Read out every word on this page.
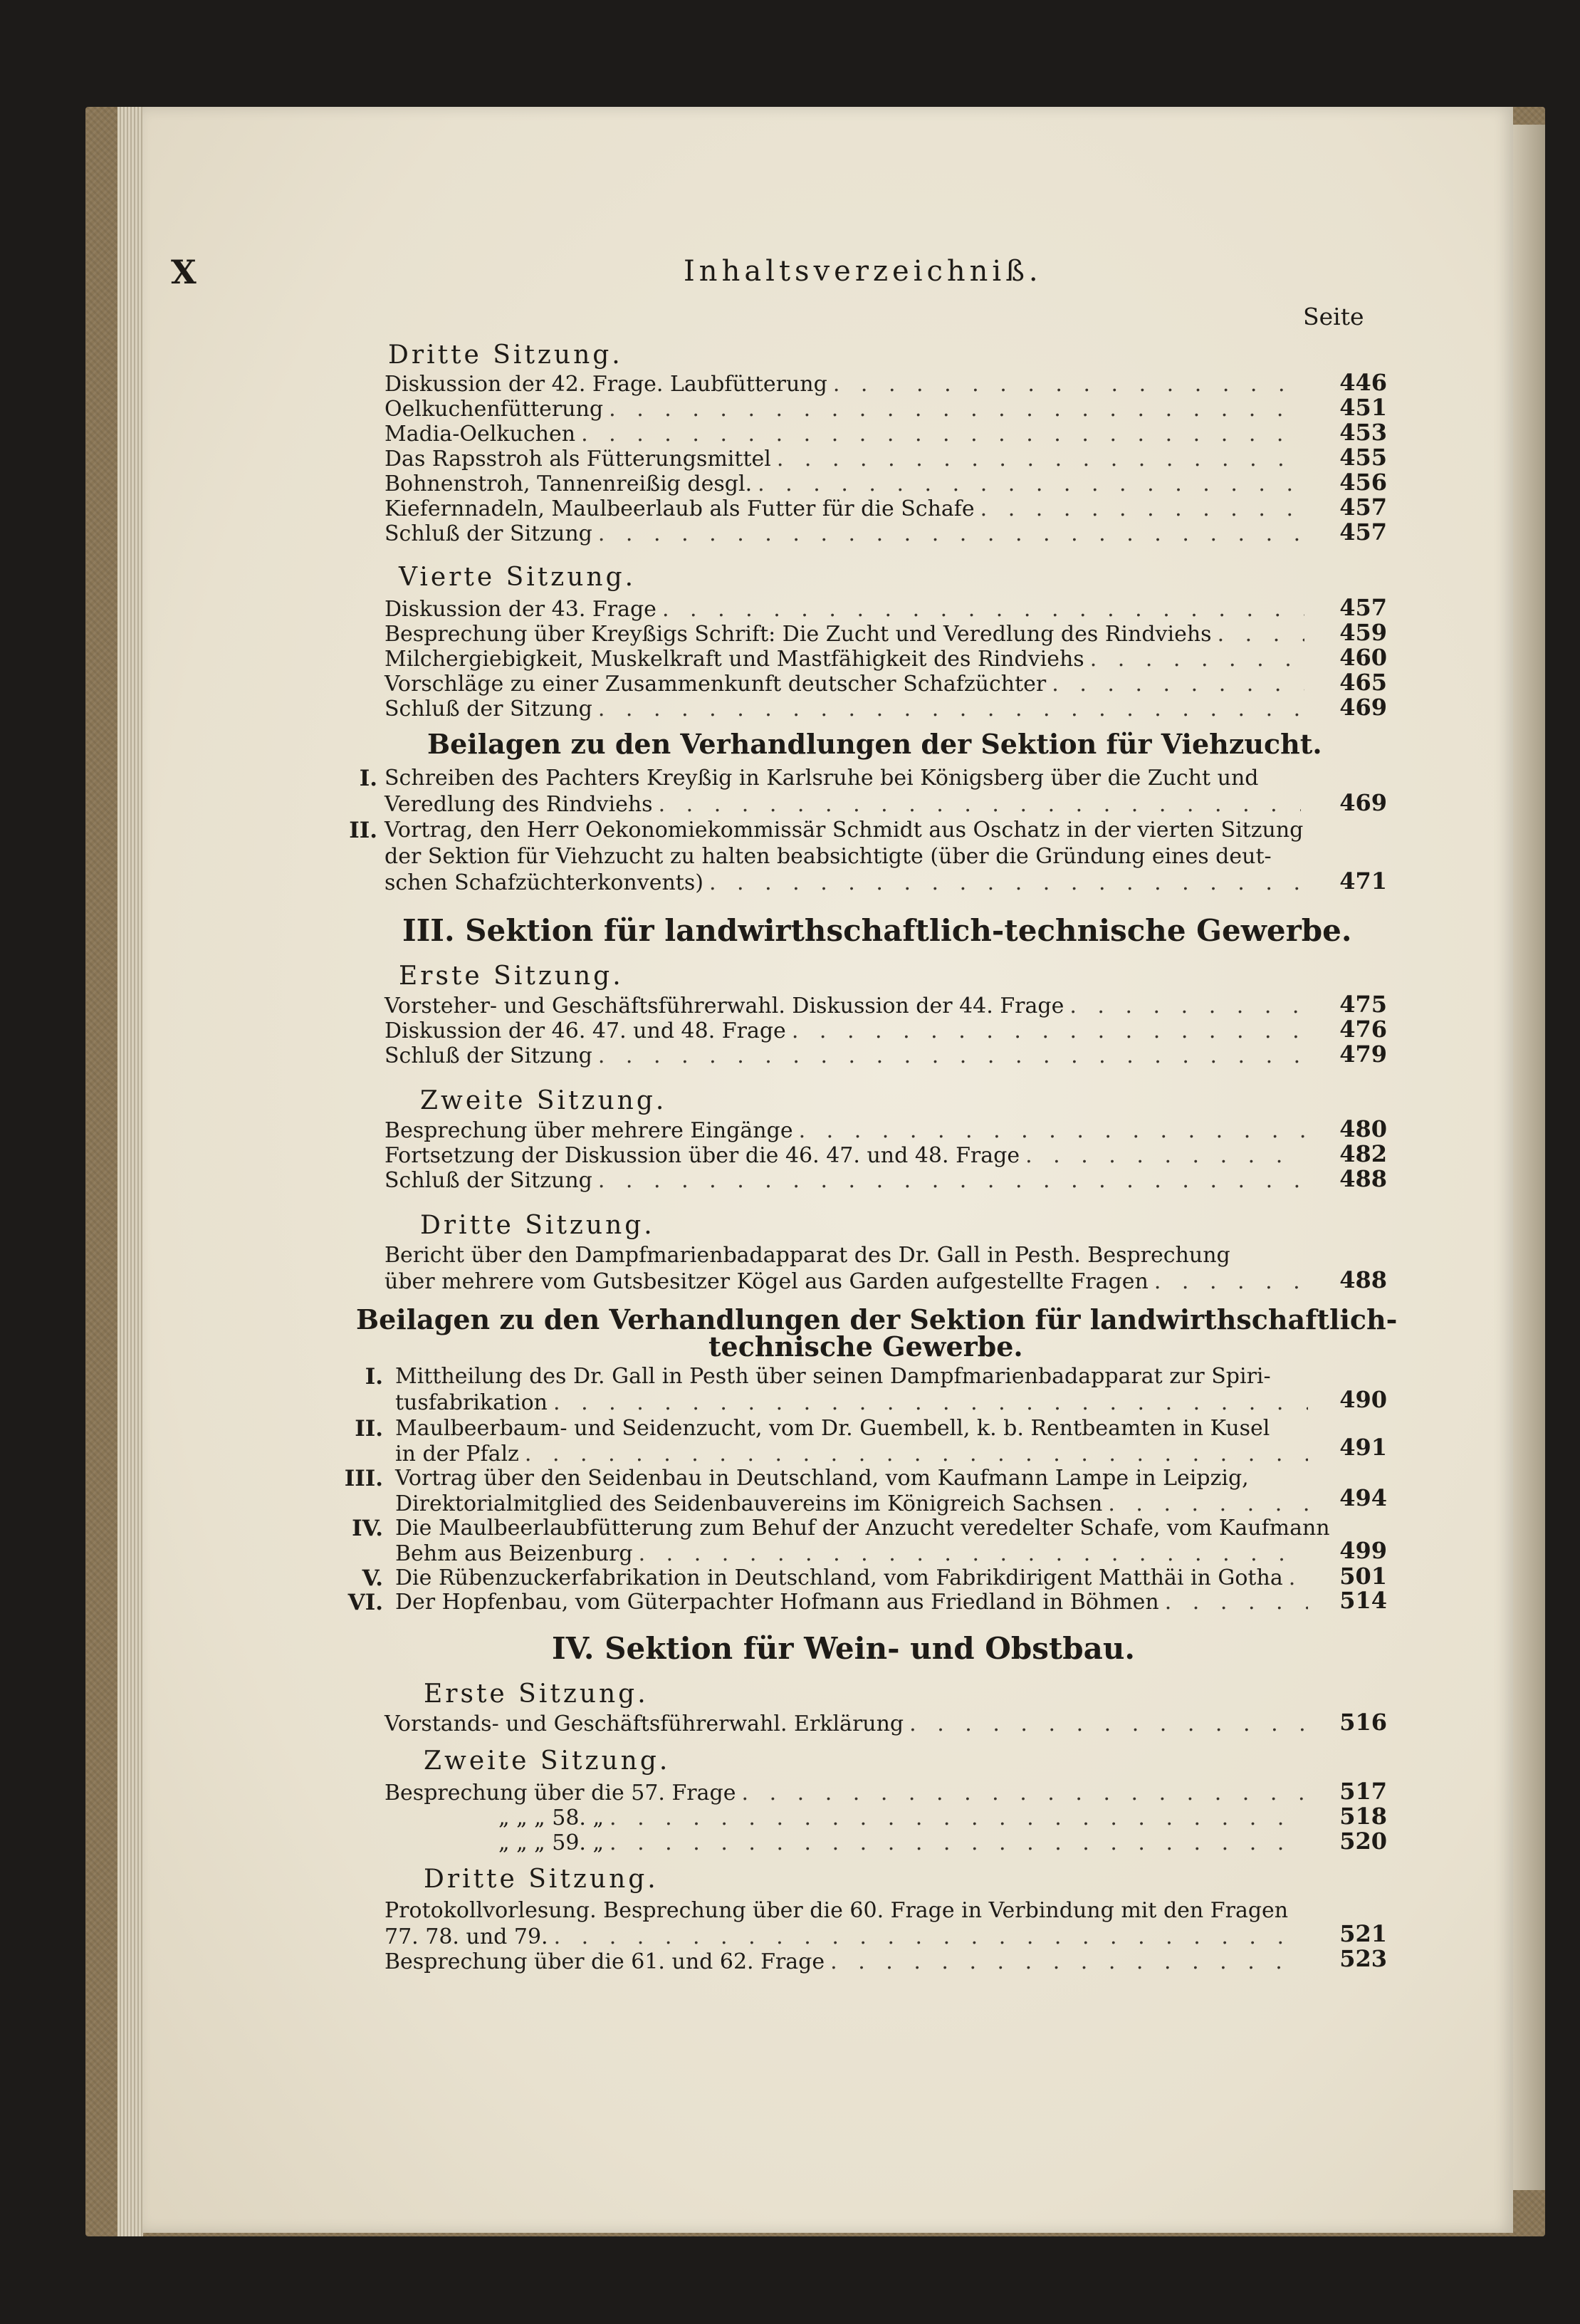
X	Inhaltsverzeichniß.
Seite
Dritte Sitzung.
Diskussion der 42. Frage. Laubfütterung . . .	446
Oelkuchenfütterung . . .	451
Madia-Oelkuchen . . .	453
Das Rapsstroh als Fütterungsmittel . . .	455
Bohnenstroh, Tannenreißig desgl. . . .	456
Kiefernnadeln, Maulbeerlaub als Futter für die Schafe . . .	457
Schluß der Sitzung . . .	457
Vierte Sitzung.
Diskussion der 43. Frage . . .	457
Besprechung über Kreyßigs Schrift: Die Zucht und Veredlung des Rindviehs . . .	459
Milchergiebigkeit, Muskelkraft und Mastfähigkeit des Rindviehs . . .	460
Vorschläge zu einer Zusammenkunft deutscher Schafzüchter . . .	465
Schluß der Sitzung . . .	469
Beilagen zu den Verhandlungen der Sektion für Viehzucht.
I. Schreiben des Pachters Kreyßig in Karlsruhe bei Königsberg über die Zucht und
Veredlung des Rindviehs . . .	469
II. Vortrag, den Herr Oekonomiekommissär Schmidt aus Oschatz in der vierten Sitzung
der Sektion für Viehzucht zu halten beabsichtigte (über die Gründung eines deut-
schen Schafzüchterkonvents) . . .	471
III. Sektion für landwirthschaftlich-technische Gewerbe.
Erste Sitzung.
Vorsteher- und Geschäftsführerwahl. Diskussion der 44. Frage . . .	475
Diskussion der 46. 47. und 48. Frage . . .	476
Schluß der Sitzung . . .	479
Zweite Sitzung.
Besprechung über mehrere Eingänge . . .	480
Fortsetzung der Diskussion über die 46. 47. und 48. Frage . . .	482
Schluß der Sitzung . . .	488
Dritte Sitzung.
Bericht über den Dampfmarienbadapparat des Dr. Gall in Pesth. Besprechung
über mehrere vom Gutsbesitzer Kögel aus Garden aufgestellte Fragen . . .	488
Beilagen zu den Verhandlungen der Sektion für landwirthschaftlich-
technische Gewerbe.
I. Mittheilung des Dr. Gall in Pesth über seinen Dampfmarienbadapparat zur Spiri-
tusfabrikation . . .	490
II. Maulbeerbaum- und Seidenzucht, vom Dr. Guembell, k. b. Rentbeamten in Kusel
in der Pfalz . . .	491
III. Vortrag über den Seidenbau in Deutschland, vom Kaufmann Lampe in Leipzig,
Direktorialmitglied des Seidenbauvereins im Königreich Sachsen . . .	494
IV. Die Maulbeerlaubfütterung zum Behuf der Anzucht veredelter Schafe, vom Kaufmann
Behm aus Beizenburg . . .	499
V. Die Rübenzuckerfabrikation in Deutschland, vom Fabrikdirigent Matthäi in Gotha . . . 501
VI. Der Hopfenbau, vom Güterpachter Hofmann aus Friedland in Böhmen . . .	514
IV. Sektion für Wein- und Obstbau.
Erste Sitzung.
Vorstands- und Geschäftsführerwahl. Erklärung . . .	516
Zweite Sitzung.
Besprechung über die 57. Frage . . .	517
„ „ „ 58. „ . . .	518
„ „ „ 59. „ . . .	520
Dritte Sitzung.
Protokollvorlesung. Besprechung über die 60. Frage in Verbindung mit den Fragen
77. 78. und 79. . . .	521
Besprechung über die 61. und 62. Frage . . .	523
